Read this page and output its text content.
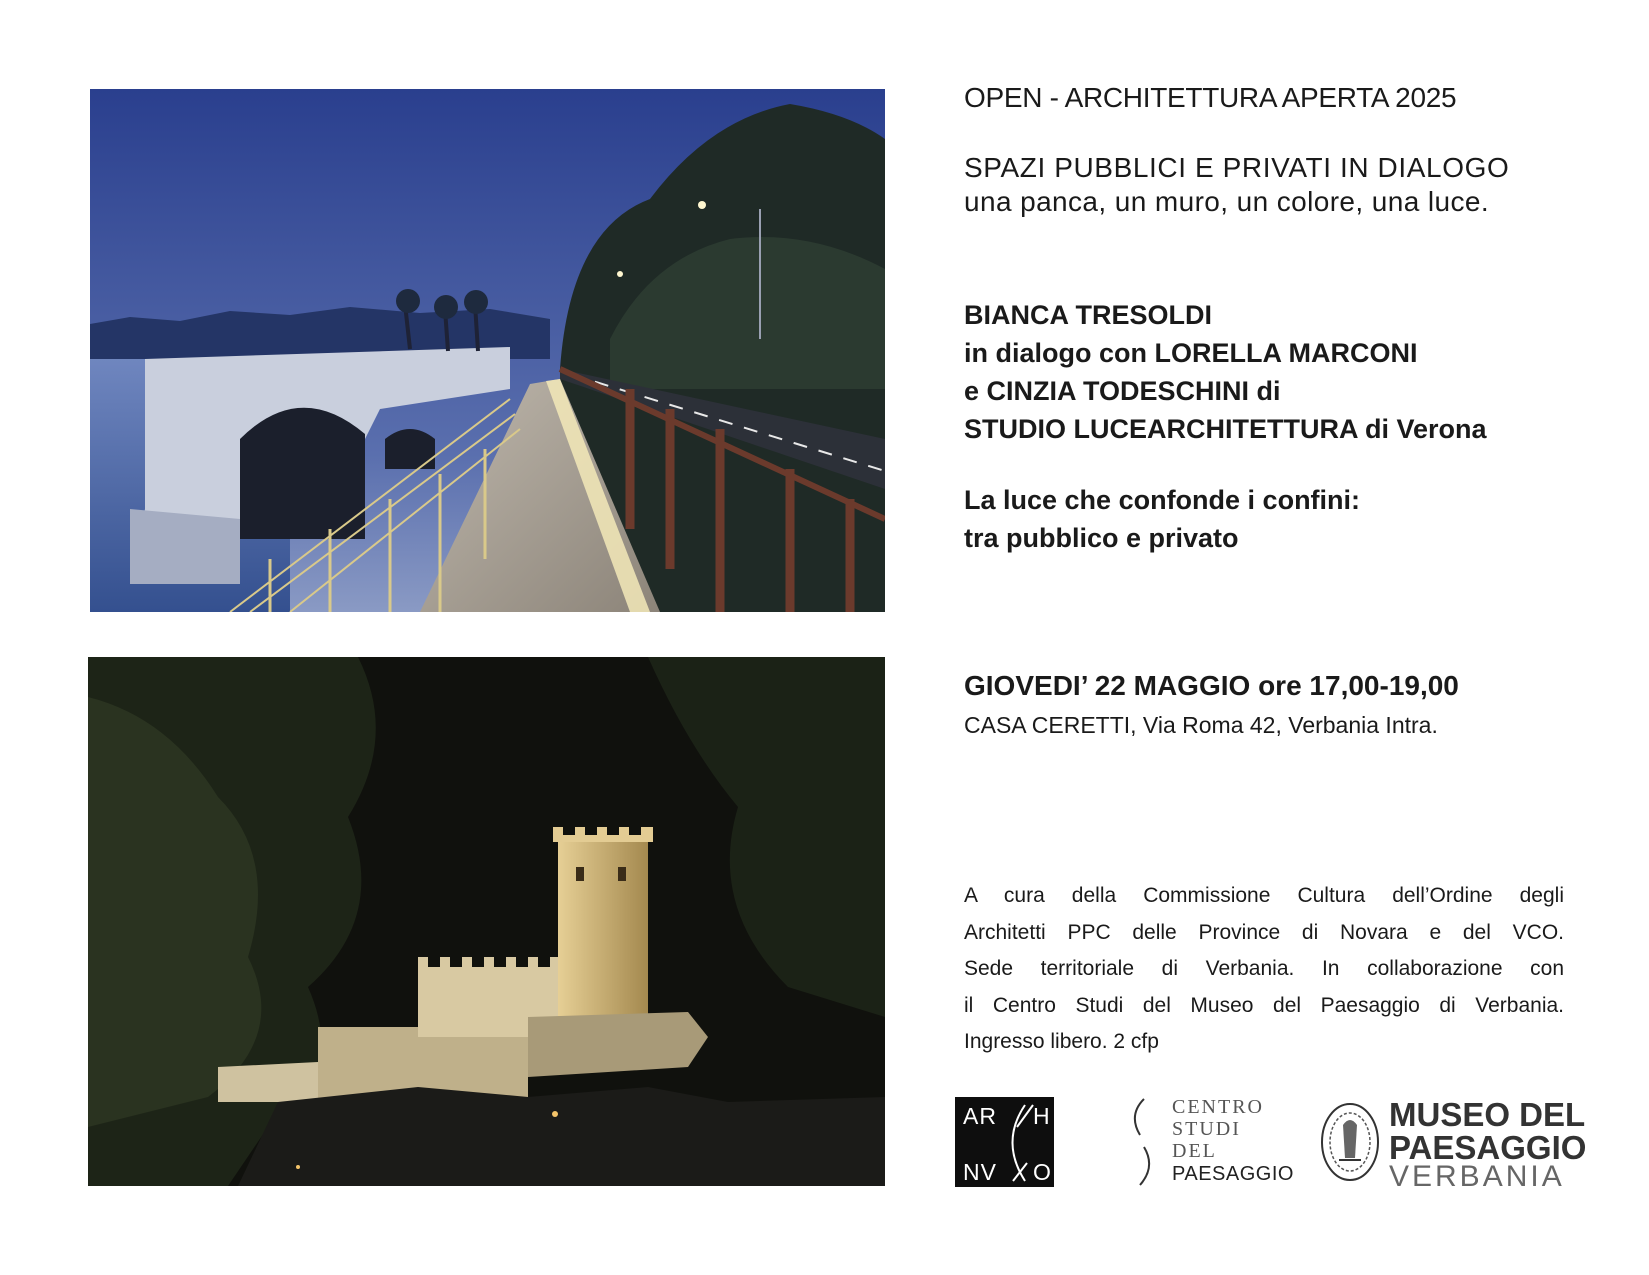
OPEN - ARCHITETTURA APERTA 2025
SPAZI PUBBLICI E PRIVATI IN DIALOGO
una panca, un muro, un colore, una luce.
BIANCA TRESOLDI
in dialogo con LORELLA MARCONI
e CINZIA TODESCHINI di
STUDIO LUCEARCHITETTURA di Verona
La luce che confonde i confini:
tra pubblico e privato
GIOVEDI’ 22 MAGGIO ore 17,00-19,00
CASA CERETTI, Via Roma 42, Verbania Intra.
A cura della Commissione Cultura dell’Ordine degli
Architetti PPC delle Province di Novara e del VCO.
Sede territoriale di Verbania. In collaborazione con
il Centro Studi del Museo del Paesaggio di Verbania.
Ingresso libero. 2 cfp
AR H
NV O
CENTRO
STUDI
DEL
PAESAGGIO
MUSEO DEL
PAESAGGIO
VERBANIA
